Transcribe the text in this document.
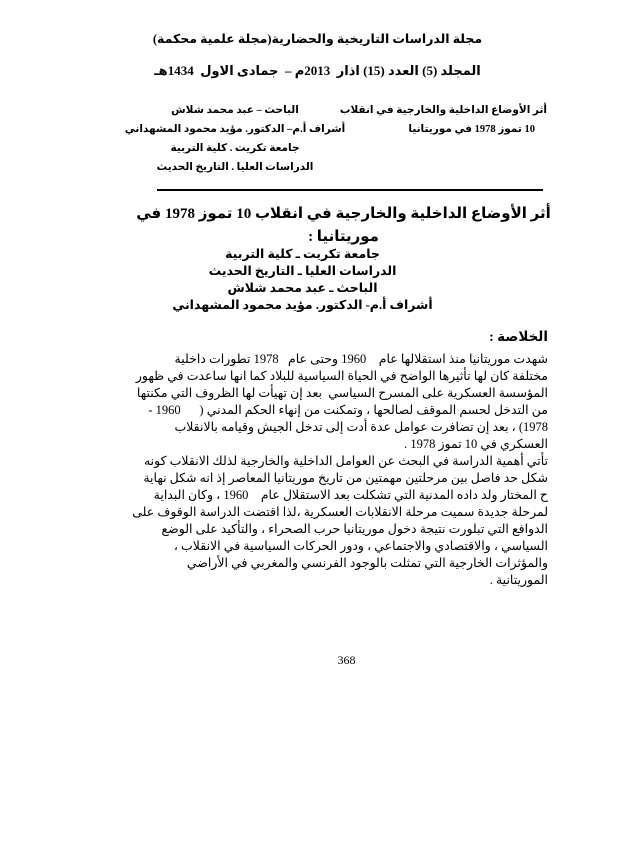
مجلة الدراسات التاريخية والحضارية(مجلة علمية محكمة)
المجلد (5) العدد (15) اذار  2013م –  جمادى الاول  1434هـ
أثر الأوضاع الداخلية والخارجية في انقلاب
10 تموز 1978 في موريتانيا
الباحث – عبد محمد شلاش
أشراف أ.م– الدكتور. مؤيد محمود المشهداني
جامعة تكريت . كلية التربية
الدراسات العليا . التاريخ الحديث
أثر الأوضاع الداخلية والخارجية في انقلاب 10 تموز 1978 في
موريتانيا :
جامعة تكريت ـ كلية التربية
الدراسات العليا ـ التاريخ الحديث
الباحث ـ عبد محمد شلاش
أشراف أ.م- الدكتور. مؤيد محمود المشهداني
الخلاصة :
شهدت موريتانيا منذ استقلالها عام    1960 وحتى عام   1978 تطورات داخلية
مختلفة كان لها تأثيرها الواضح في الحياة السياسية للبلاد كما انها ساعدت في ظهور
المؤسسة العسكرية على المسرح السياسي  بعد إن تهيأت لها الظروف التي مكنتها
من التدخل لحسم الموقف لصالحها ، وتمكنت من إنهاء الحكم المدني (      1960 -
1978) ، بعد إن تضافرت عوامل عدة أدت إلى تدخل الجيش وقيامه بالانقلاب
العسكري في 10 تموز 1978 .
تأتي أهمية الدراسة في البحث عن العوامل الداخلية والخارجية لذلك الانقلاب كونه
شكل حد فاصل بين مرحلتين مهمتين من تاريخ موريتانيا المعاصر إذ انه شكل نهاية
ح المختار ولد داده المدنية التي تشكلت بعد الاستقلال عام    1960 ، وكان البداية
لمرحلة جديدة سميت مرحلة الانقلابات العسكرية ،لذا اقتضت الدراسة الوقوف على
الدوافع التي تبلورت نتيجة دخول موريتانيا حرب الصحراء ، والتأكيد على الوضع
السياسي ، والاقتصادي والاجتماعي ، ودور الحركات السياسية في الانقلاب ،
والمؤثرات الخارجية التي تمثلت بالوجود الفرنسي والمغربي في الأراضي
الموريتانية .
368
